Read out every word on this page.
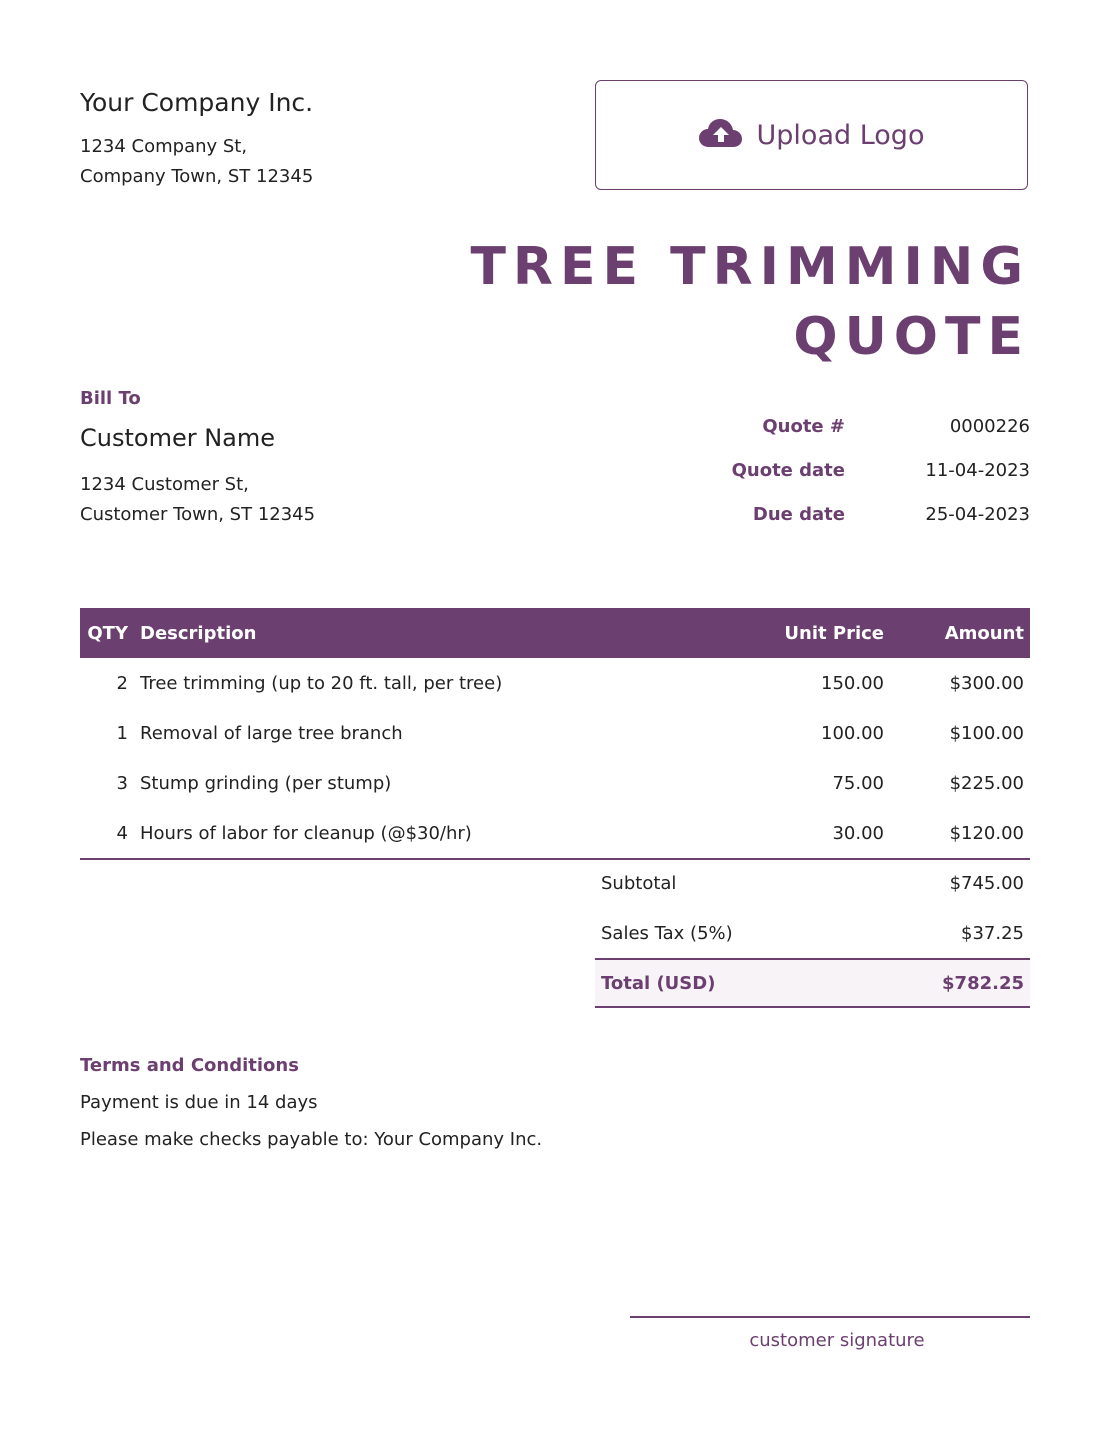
Your Company Inc.
1234 Company St,
Company Town, ST 12345
Upload Logo
TREE TRIMMING
QUOTE
Bill To
Customer Name
1234 Customer St,
Customer Town, ST 12345
Quote #	0000226
Quote date	11-04-2023
Due date	25-04-2023
QTY	Description	Unit Price	Amount
2	Tree trimming (up to 20 ft. tall, per tree)	150.00	$300.00
1	Removal of large tree branch	100.00	$100.00
3	Stump grinding (per stump)	75.00	$225.00
4	Hours of labor for cleanup (@$30/hr)	30.00	$120.00
Subtotal	$745.00
Sales Tax (5%)	$37.25
Total (USD)	$782.25
Terms and Conditions
Payment is due in 14 days
Please make checks payable to: Your Company Inc.
customer signature
